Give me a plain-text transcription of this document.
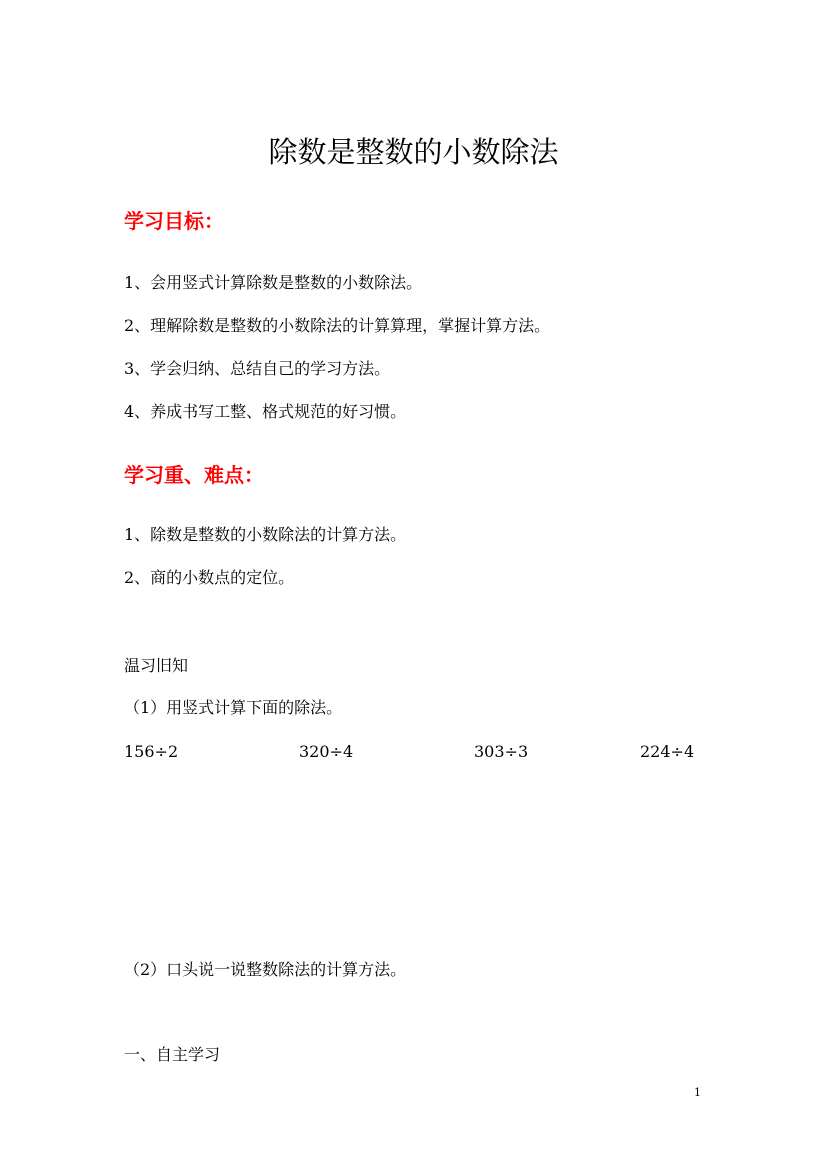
除数是整数的小数除法
学习目标：
1、会用竖式计算除数是整数的小数除法。
2、理解除数是整数的小数除法的计算算理，掌握计算方法。
3、学会归纳、总结自己的学习方法。
4、养成书写工整、格式规范的好习惯。
学习重、难点：
1、除数是整数的小数除法的计算方法。
2、商的小数点的定位。
温习旧知
（1）用竖式计算下面的除法。
156÷2	320÷4	303÷3	224÷4
（2）口头说一说整数除法的计算方法。
一、自主学习
1
